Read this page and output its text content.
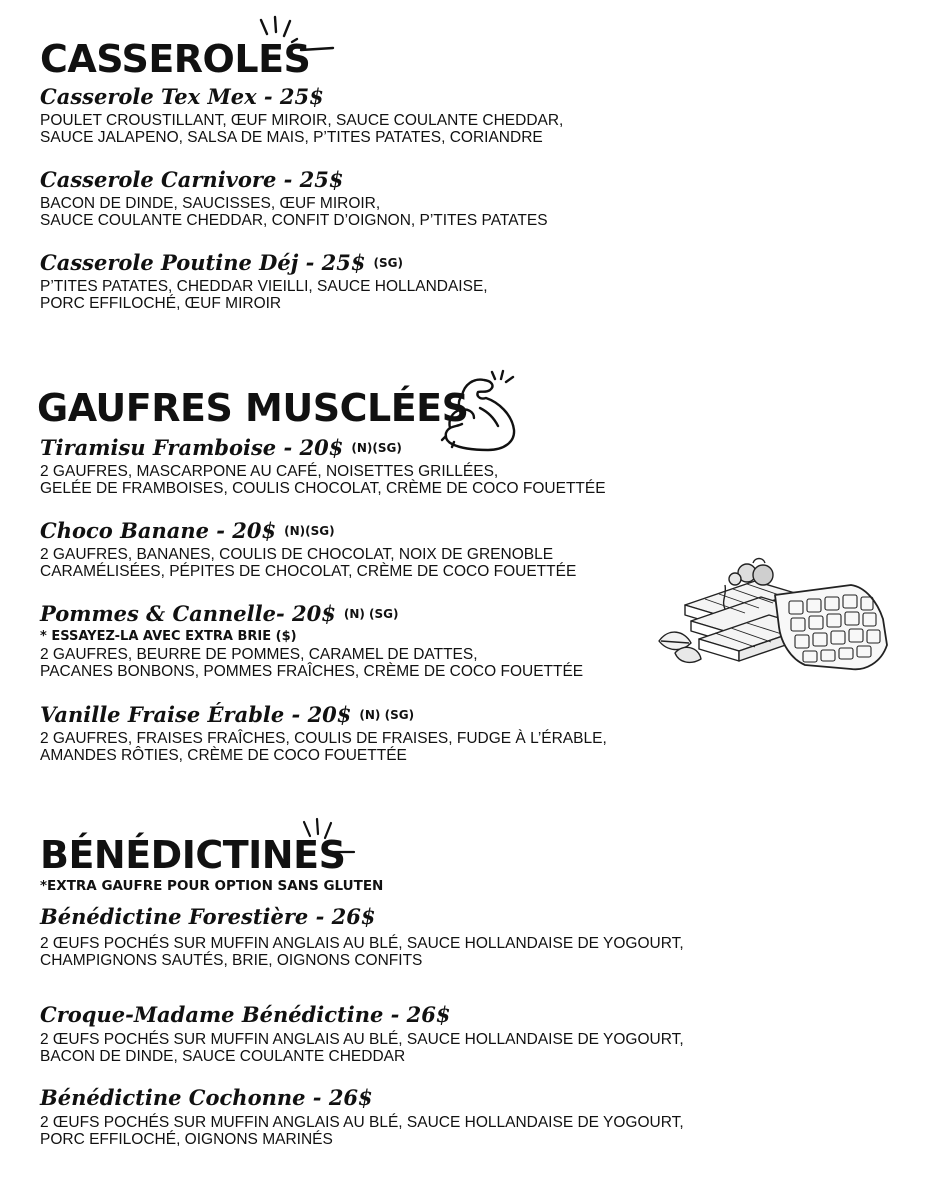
CASSEROLES
Casserole Tex Mex - 25$
POULET CROUSTILLANT, ŒUF MIROIR, SAUCE COULANTE CHEDDAR,
SAUCE JALAPENO, SALSA DE MAIS, P’TITES PATATES, CORIANDRE
Casserole Carnivore - 25$
BACON DE DINDE, SAUCISSES, ŒUF MIROIR,
SAUCE COULANTE CHEDDAR, CONFIT D’OIGNON, P’TITES PATATES
Casserole Poutine Déj - 25$ (SG)
P’TITES PATATES, CHEDDAR VIEILLI, SAUCE HOLLANDAISE,
PORC EFFILOCHÉ, ŒUF MIROIR
GAUFRES MUSCLÉES
Tiramisu Framboise - 20$ (N)(SG)
2 GAUFRES, MASCARPONE AU CAFÉ, NOISETTES GRILLÉES,
GELÉE DE FRAMBOISES, COULIS CHOCOLAT, CRÈME DE COCO FOUETTÉE
Choco Banane - 20$ (N)(SG)
2 GAUFRES, BANANES, COULIS DE CHOCOLAT, NOIX DE GRENOBLE
CARAMÉLISÉES, PÉPITES DE CHOCOLAT, CRÈME DE COCO FOUETTÉE
Pommes & Cannelle- 20$ (N) (SG)
* ESSAYEZ-LA AVEC EXTRA BRIE ($)
2 GAUFRES, BEURRE DE POMMES, CARAMEL DE DATTES,
PACANES BONBONS, POMMES FRAÎCHES, CRÈME DE COCO FOUETTÉE
Vanille Fraise Érable - 20$ (N) (SG)
2 GAUFRES, FRAISES FRAÎCHES, COULIS DE FRAISES, FUDGE À L’ÉRABLE,
AMANDES RÔTIES, CRÈME DE COCO FOUETTÉE
BÉNÉDICTINES
*EXTRA GAUFRE POUR OPTION SANS GLUTEN
Bénédictine Forestière - 26$
2 ŒUFS POCHÉS SUR MUFFIN ANGLAIS AU BLÉ, SAUCE HOLLANDAISE DE YOGOURT,
CHAMPIGNONS SAUTÉS, BRIE, OIGNONS CONFITS
Croque-Madame Bénédictine - 26$
2 ŒUFS POCHÉS SUR MUFFIN ANGLAIS AU BLÉ, SAUCE HOLLANDAISE DE YOGOURT,
BACON DE DINDE, SAUCE COULANTE CHEDDAR
Bénédictine Cochonne - 26$
2 ŒUFS POCHÉS SUR MUFFIN ANGLAIS AU BLÉ, SAUCE HOLLANDAISE DE YOGOURT,
PORC EFFILOCHÉ, OIGNONS MARINÉS
